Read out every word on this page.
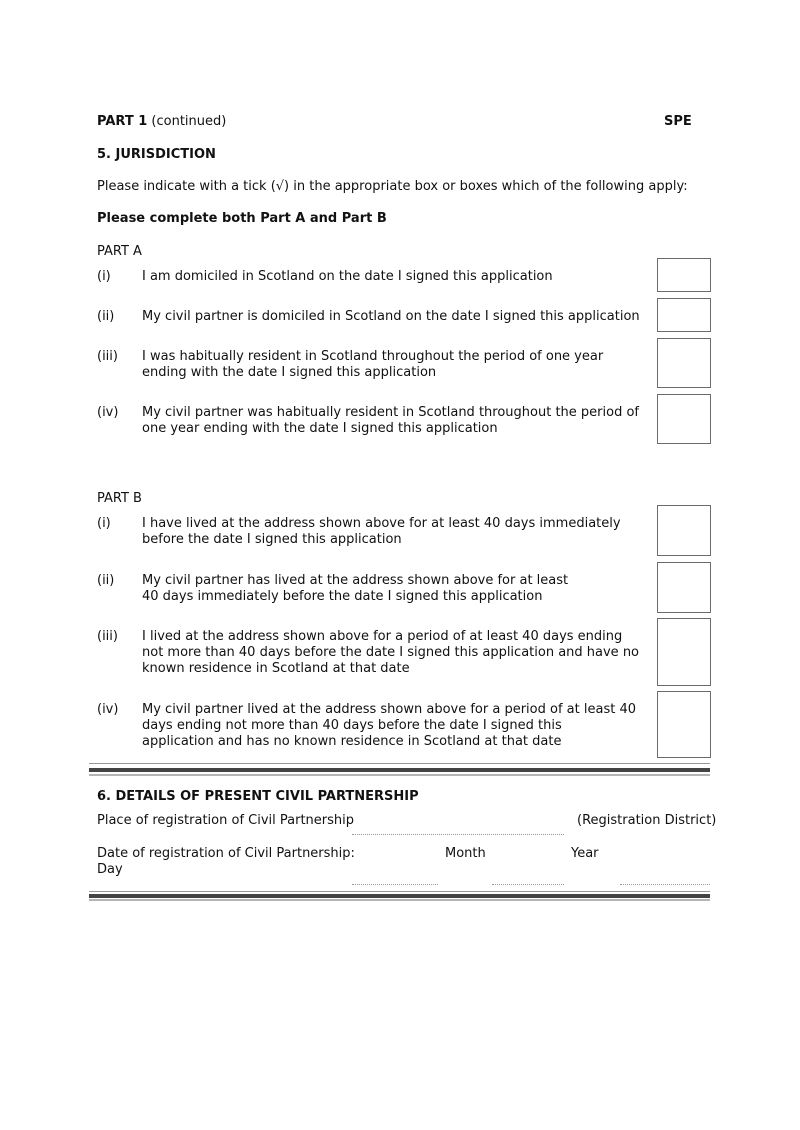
PART 1 (continued)	SPE
5. JURISDICTION
Please indicate with a tick (√) in the appropriate box or boxes which of the following apply:
Please complete both Part A and Part B
PART A
(i) I am domiciled in Scotland on the date I signed this application
(ii) My civil partner is domiciled in Scotland on the date I signed this application
(iii) I was habitually resident in Scotland throughout the period of one year ending with the date I signed this application
(iv) My civil partner was habitually resident in Scotland throughout the period of one year ending with the date I signed this application
PART B
(i) I have lived at the address shown above for at least 40 days immediately before the date I signed this application
(ii) My civil partner has lived at the address shown above for at least 40 days immediately before the date I signed this application
(iii) I lived at the address shown above for a period of at least 40 days ending not more than 40 days before the date I signed this application and have no known residence in Scotland at that date
(iv) My civil partner lived at the address shown above for a period of at least 40 days ending not more than 40 days before the date I signed this application and has no known residence in Scotland at that date
6. DETAILS OF PRESENT CIVIL PARTNERSHIP
Place of registration of Civil Partnership	(Registration District)
Date of registration of Civil Partnership:
Day
Month	Year
